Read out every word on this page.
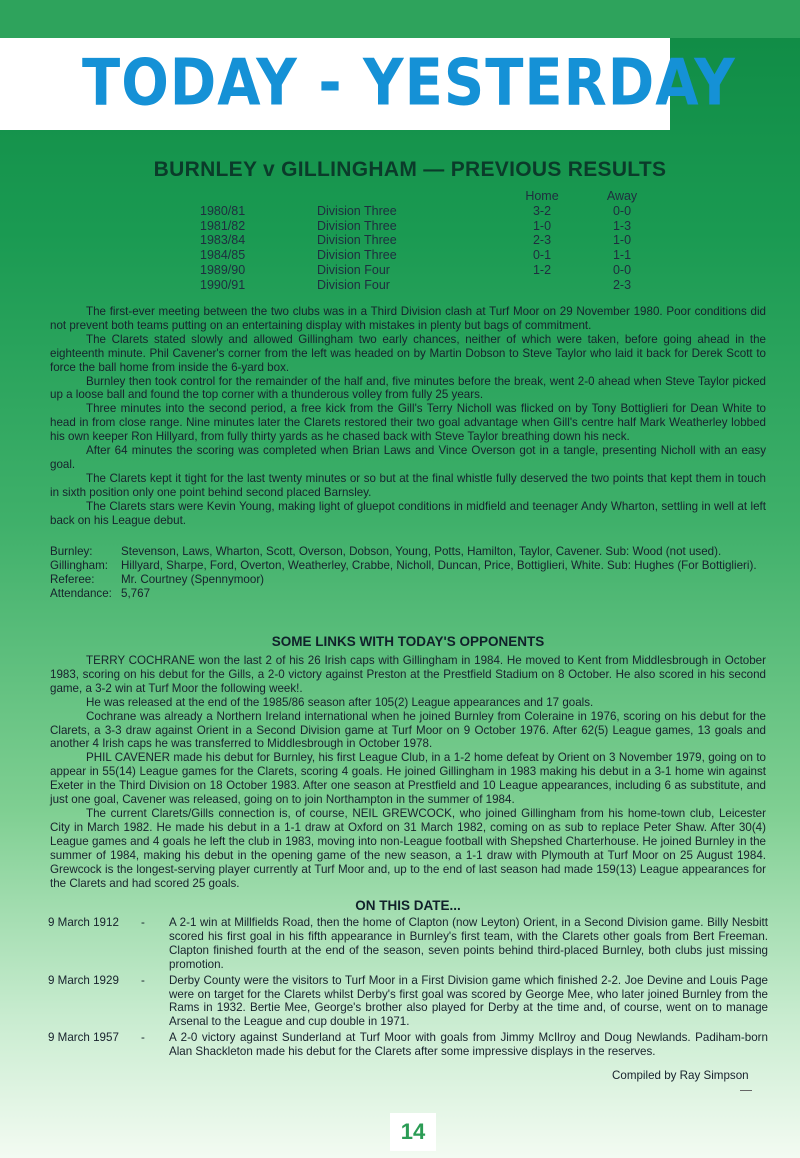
TODAY - YESTERDAY
BURNLEY v GILLINGHAM — PREVIOUS RESULTS
		Home	Away
1980/81	Division Three	3-2	0-0
1981/82	Division Three	1-0	1-3
1983/84	Division Three	2-3	1-0
1984/85	Division Three	0-1	1-1
1989/90	Division Four	1-2	0-0
1990/91	Division Four		2-3

The first-ever meeting between the two clubs was in a Third Division clash at Turf Moor on 29 November 1980. Poor conditions did not prevent both teams putting on an entertaining display with mistakes in plenty but bags of commitment.

The Clarets stated slowly and allowed Gillingham two early chances, neither of which were taken, before going ahead in the eighteenth minute. Phil Cavener's corner from the left was headed on by Martin Dobson to Steve Taylor who laid it back for Derek Scott to force the ball home from inside the 6-yard box.

Burnley then took control for the remainder of the half and, five minutes before the break, went 2-0 ahead when Steve Taylor picked up a loose ball and found the top corner with a thunderous volley from fully 25 years.

Three minutes into the second period, a free kick from the Gill's Terry Nicholl was flicked on by Tony Bottiglieri for Dean White to head in from close range. Nine minutes later the Clarets restored their two goal advantage when Gill's centre half Mark Weatherley lobbed his own keeper Ron Hillyard, from fully thirty yards as he chased back with Steve Taylor breathing down his neck.

After 64 minutes the scoring was completed when Brian Laws and Vince Overson got in a tangle, presenting Nicholl with an easy goal.

The Clarets kept it tight for the last twenty minutes or so but at the final whistle fully deserved the two points that kept them in touch in sixth position only one point behind second placed Barnsley.

The Clarets stars were Kevin Young, making light of gluepot conditions in midfield and teenager Andy Wharton, settling in well at left back on his League debut.

Burnley:	Stevenson, Laws, Wharton, Scott, Overson, Dobson, Young, Potts, Hamilton, Taylor, Cavener. Sub: Wood (not used).
Gillingham:	Hillyard, Sharpe, Ford, Overton, Weatherley, Crabbe, Nicholl, Duncan, Price, Bottiglieri, White. Sub: Hughes (For Bottiglieri).
Referee:	Mr. Courtney (Spennymoor)
Attendance: 5,767
SOME LINKS WITH TODAY'S OPPONENTS

TERRY COCHRANE won the last 2 of his 26 Irish caps with Gillingham in 1984. He moved to Kent from Middlesbrough in October 1983, scoring on his debut for the Gills, a 2-0 victory against Preston at the Prestfield Stadium on 8 October. He also scored in his second game, a 3-2 win at Turf Moor the following week!.

He was released at the end of the 1985/86 season after 105(2) League appearances and 17 goals.

Cochrane was already a Northern Ireland international when he joined Burnley from Coleraine in 1976, scoring on his debut for the Clarets, a 3-3 draw against Orient in a Second Division game at Turf Moor on 9 October 1976. After 62(5) League games, 13 goals and another 4 Irish caps he was transferred to Middlesbrough in October 1978.

PHIL CAVENER made his debut for Burnley, his first League Club, in a 1-2 home defeat by Orient on 3 November 1979, going on to appear in 55(14) League games for the Clarets, scoring 4 goals. He joined Gillingham in 1983 making his debut in a 3-1 home win against Exeter in the Third Division on 18 October 1983. After one season at Prestfield and 10 League appearances, including 6 as substitute, and just one goal, Cavener was released, going on to join Northampton in the summer of 1984.

The current Clarets/Gills connection is, of course, NEIL GREWCOCK, who joined Gillingham from his home-town club, Leicester City in March 1982. He made his debut in a 1-1 draw at Oxford on 31 March 1982, coming on as sub to replace Peter Shaw. After 30(4) League games and 4 goals he left the club in 1983, moving into non-League football with Shepshed Charterhouse. He joined Burnley in the summer of 1984, making his debut in the opening game of the new season, a 1-1 draw with Plymouth at Turf Moor on 25 August 1984. Grewcock is the longest-serving player currently at Turf Moor and, up to the end of last season had made 159(13) League appearances for the Clarets and had scored 25 goals.

ON THIS DATE...
9 March 1912	-	A 2-1 win at Millfields Road, then the home of Clapton (now Leyton) Orient, in a Second Division game. Billy Nesbitt scored his first goal in his fifth appearance in Burnley's first team, with the Clarets other goals from Bert Freeman. Clapton finished fourth at the end of the season, seven points behind third-placed Burnley, both clubs just missing promotion.
9 March 1929	-	Derby County were the visitors to Turf Moor in a First Division game which finished 2-2. Joe Devine and Louis Page were on target for the Clarets whilst Derby's first goal was scored by George Mee, who later joined Burnley from the Rams in 1932. Bertie Mee, George's brother also played for Derby at the time and, of course, went on to manage Arsenal to the League and cup double in 1971.
9 March 1957	-	A 2-0 victory against Sunderland at Turf Moor with goals from Jimmy McIlroy and Doug Newlands. Padiham-born Alan Shackleton made his debut for the Clarets after some impressive displays in the reserves.
Compiled by Ray Simpson
14
